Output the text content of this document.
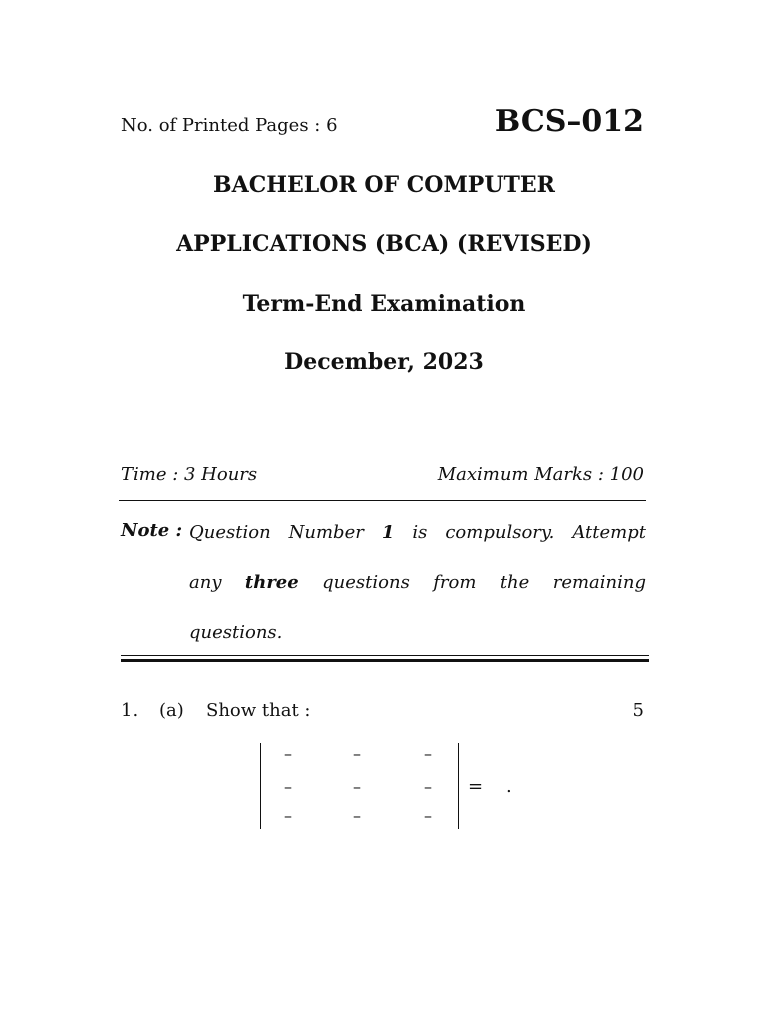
No. of Printed Pages : 6	BCS–012
BACHELOR OF COMPUTER
APPLICATIONS (BCA) (REVISED)
Term-End Examination
December, 2023
Time : 3 Hours	Maximum Marks : 100
Note : Question Number 1 is compulsory. Attempt
any three questions from the remaining
questions.
1. (a) Show that :	5
–	–	–
–	–	–
–	–	–
= .
